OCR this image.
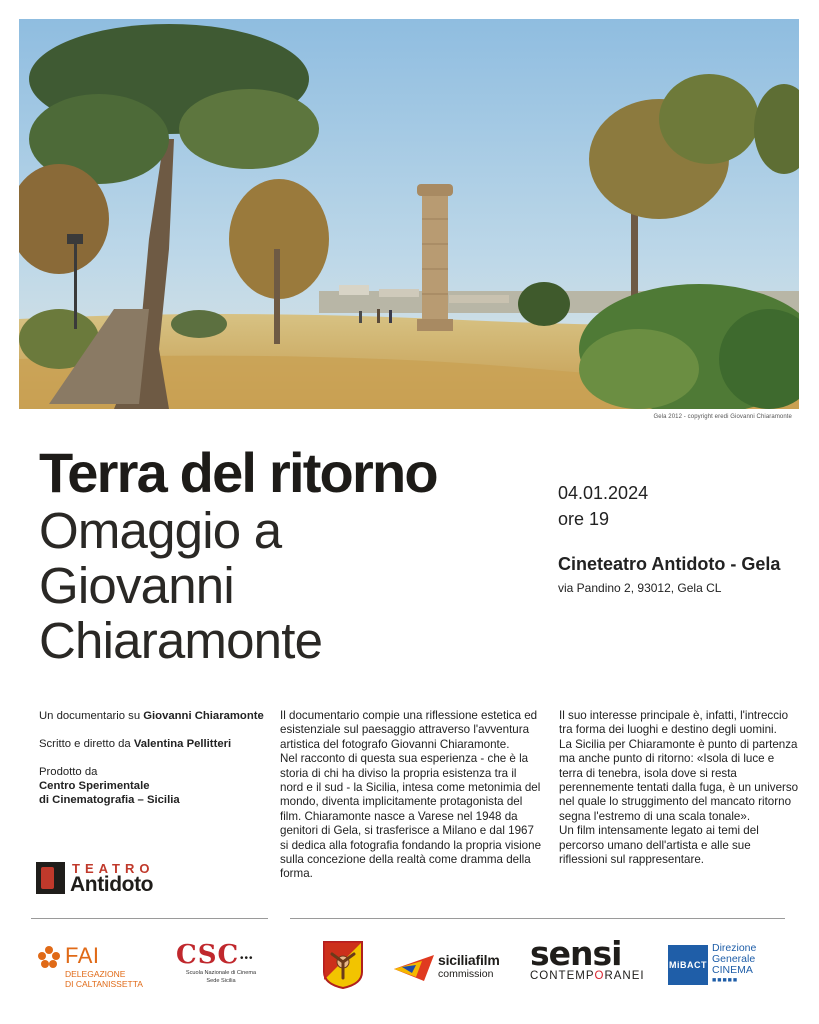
Gela 2012 - copyright eredi Giovanni Chiaramonte
Terra del ritorno
Omaggio a
Giovanni
Chiaramonte
04.01.2024
ore 19
Cineteatro Antidoto - Gela
via Pandino 2, 93012, Gela CL

Un documentario su Giovanni Chiaramonte

Scritto e diretto da Valentina Pellitteri

Prodotto da
Centro Sperimentale
di Cinematografia – Sicilia

TEATRO
Antidoto
Il documentario compie una riflessione estetica ed esistenziale sul paesaggio attraverso l'avventura artistica del fotografo Giovanni Chiaramonte.
Nel racconto di questa sua esperienza - che è la storia di chi ha diviso la propria esistenza tra il nord e il sud - la Sicilia, intesa come metonimia del mondo, diventa implicitamente protagonista del film. Chiaramonte nasce a Varese nel 1948 da genitori di Gela, si trasferisce a Milano e dal 1967 si dedica alla fotografia fondando la propria visione sulla concezione della realtà come dramma della forma.
Il suo interesse principale è, infatti, l'intreccio tra forma dei luoghi e destino degli uomini.
La Sicilia per Chiaramonte è punto di partenza ma anche punto di ritorno: «Isola di luce e terra di tenebra, isola dove si resta perennemente tentati dalla fuga, è un universo nel quale lo struggimento del mancato ritorno segna l'estremo di una scala tonale».
Un film intensamente legato ai temi del percorso umano dell'artista e alle sue riflessioni sul rappresentare.
FAI
DELEGAZIONE
DI CALTANISSETTA
CSC •••
Scuola Nazionale di Cinema
Sede Sicilia
siciliafilm
commission
sensi
CONTEMPORANEI
MiBACT
Direzione
Generale
CINEMA
■■■■■
